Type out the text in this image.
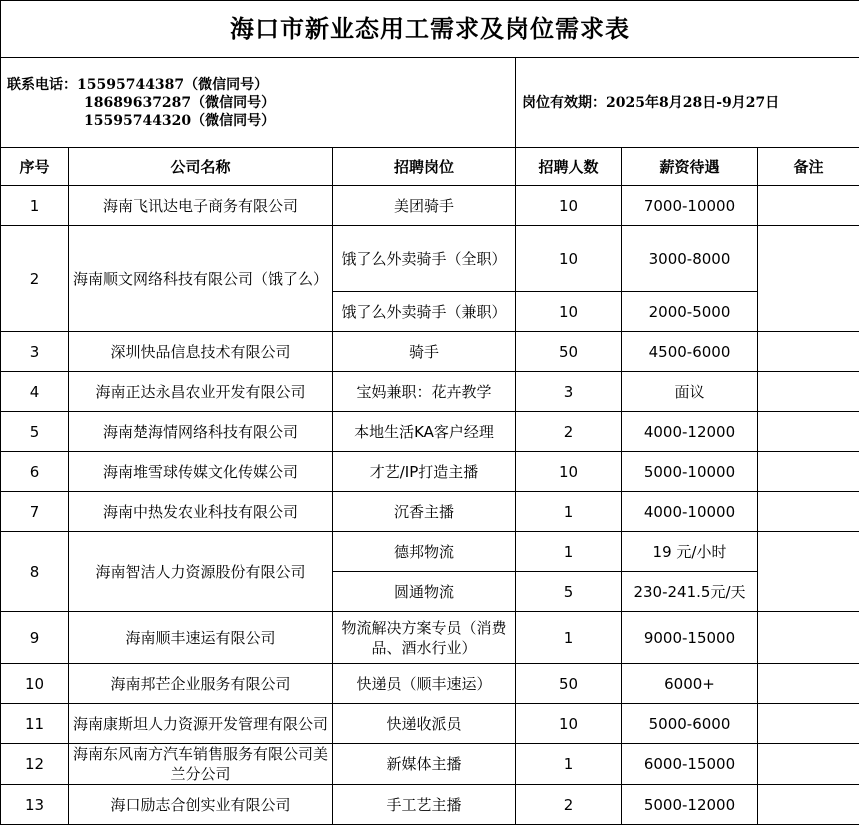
海口市新业态用工需求及岗位需求表					

联系电话：15595744387（微信同号）
18689637287（微信同号）
15595744320（微信同号）			岗位有效期：2025年8月28日-9月27日		
序号	公司名称	招聘岗位	招聘人数	薪资待遇	备注
1	海南飞讯达电子商务有限公司	美团骑手	10	7000-10000	
2	海南顺文网络科技有限公司（饿了么）	饿了么外卖骑手（全职）	10	3000-8000	
		饿了么外卖骑手（兼职）	10	2000-5000	
3	深圳快品信息技术有限公司	骑手	50	4500-6000	
4	海南正达永昌农业开发有限公司	宝妈兼职：花卉教学	3	面议	
5	海南楚海情网络科技有限公司	本地生活KA客户经理	2	4000-12000	
6	海南堆雪球传媒文化传媒公司	才艺/IP打造主播	10	5000-10000	
7	海南中热发农业科技有限公司	沉香主播	1	4000-10000	
8	海南智洁人力资源股份有限公司	德邦物流	1	19 元/小时	
		圆通物流	5	230-241.5元/天	
9	海南顺丰速运有限公司	物流解决方案专员（消费品、酒水行业）	1	9000-15000	
10	海南邦芒企业服务有限公司	快递员（顺丰速运）	50	6000+	
11	海南康斯坦人力资源开发管理有限公司	快递收派员	10	5000-6000	
12	海南东风南方汽车销售服务有限公司美兰分公司	新媒体主播	1	6000-15000	
13	海口励志合创实业有限公司	手工艺主播	2	5000-12000	
